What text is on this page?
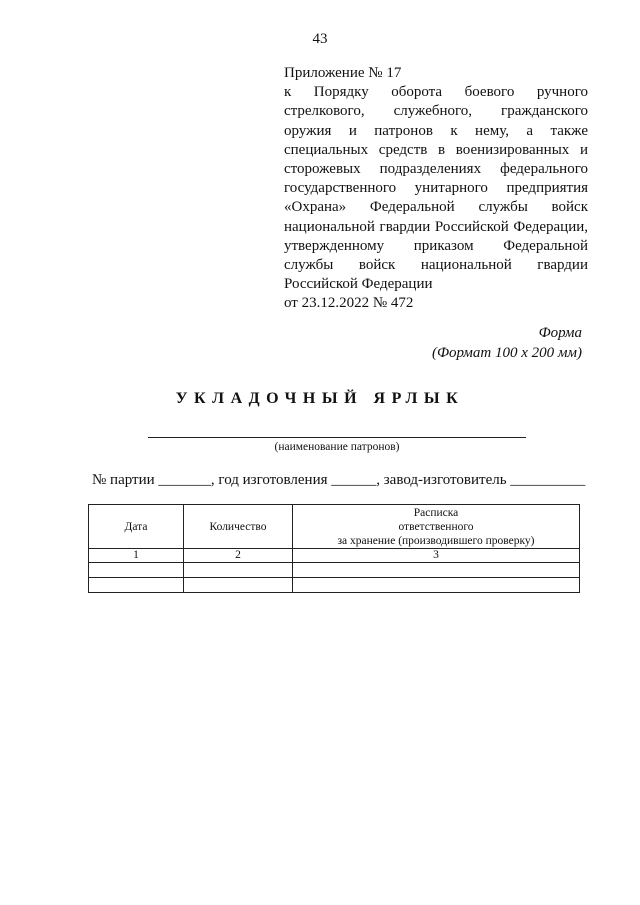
43

Приложение № 17

к Порядку оборота боевого ручного

стрелкового, служебного, гражданского

оружия и патронов к нему, а также

специальных средств в военизированных и

сторожевых подразделениях федерального

государственного унитарного предприятия

«Охрана» Федеральной службы войск

национальной гвардии Российской Федерации,

утвержденному приказом Федеральной

службы войск национальной гвардии

Российской Федерации

от 23.12.2022 № 472

Форма
(Формат 100 x 200 мм)
УКЛАДОЧНЫЙ ЯРЛЫК
(наименование патронов)
№ партии _______, год изготовления ______, завод-изготовитель __________
Дата	Количество	Расписка
ответственного
за хранение (производившего проверку)

1	2	3
